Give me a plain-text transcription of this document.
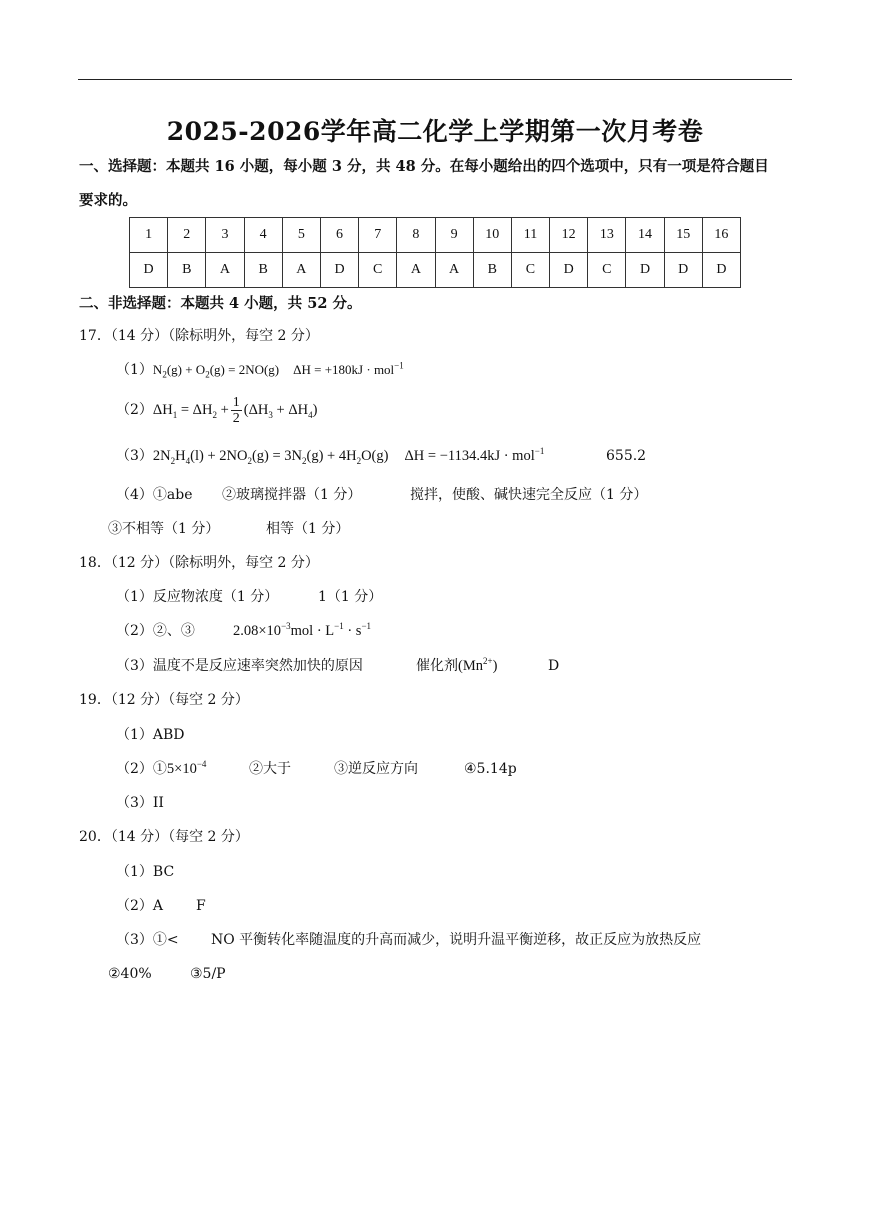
2025-2026学年高二化学上学期第一次月考卷
一、选择题：本题共 16 小题，每小题 3 分，共 48 分。在每小题给出的四个选项中，只有一项是符合题目
要求的。
1	2	3	4	5	6	7	8	9	10	11	12	13	14	15	16
D	B	A	B	A	D	C	A	A	B	C	D	C	D	D	D
二、非选择题：本题共 4 小题，共 52 分。
17．（14 分）（除标明外，每空 2 分）
$(1)N_2(g) + O_2(g) = 2NO(g) \Delta H = +180kJ \cdot mol^{-1}$
$(2)\Delta H_1 = \Delta H_2 + \frac{1}{2} (\Delta H_3 + \Delta H_4)$
$(3)2N_2H_4(l) + 2NO_2(g) = 3N_2(g) + 4H_2O(g) \Delta H = -1134.4kJ \cdot mol^{-1}$	655.2
（4）①abe ②玻璃搅拌器（1 分）	搅拌，使酸、碱快速完全反应（1 分）
③不相等（1 分）	相等（1 分）
18．（12 分）（除标明外，每空 2 分）
（1）反应物浓度（1 分）	1（1 分）
（2）②、③	$2.08\times 10^{-3}mol \cdot L^{-1} \cdot s^{-1}$
（3）温度不是反应速率突然加快的原因	催化剂$(Mn^{2+})$	D
19．（12 分）（每空 2 分）
（1）ABD
$(2)①5\times 10^{-4}$	②大于	③逆反应方向	④5.14p
（3）II
20．（14 分）（每空 2 分）
（1）BC
（2）A F
（3）①< NO 平衡转化率随温度的升高而减少，说明升温平衡逆移，故正反应为放热反应
②40%	③5/P
